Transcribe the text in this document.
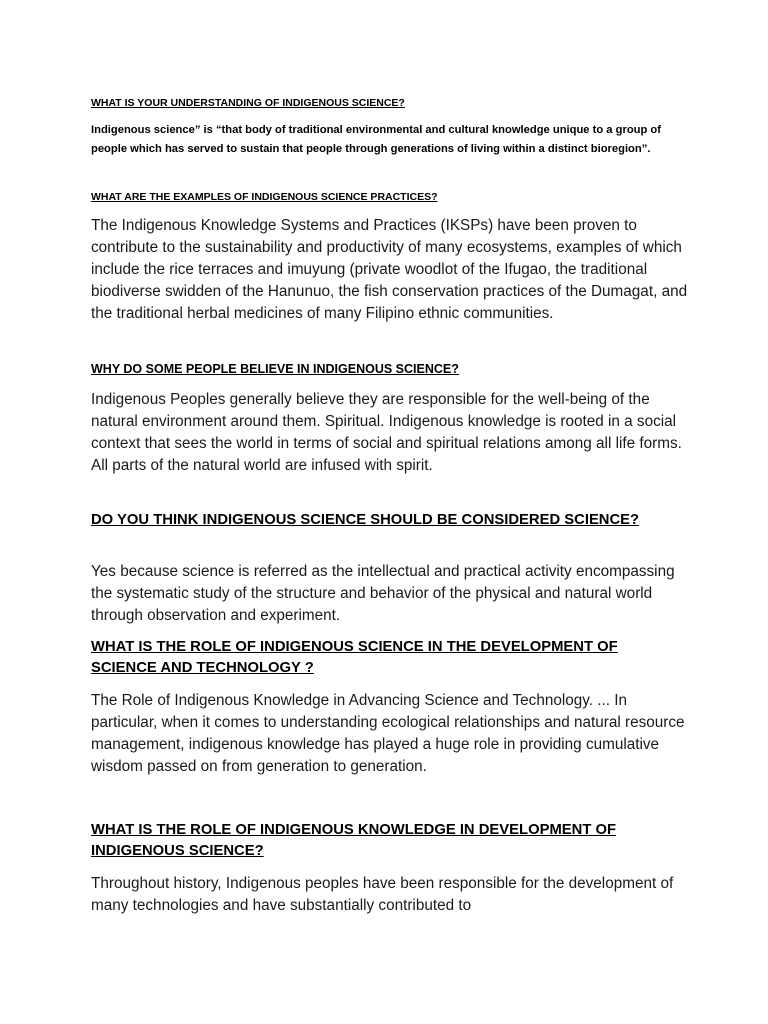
WHAT IS YOUR UNDERSTANDING OF INDIGENOUS SCIENCE?
Indigenous science” is “that body of traditional environmental and cultural knowledge unique to a group of people which has served to sustain that people through generations of living within a distinct bioregion”.
WHAT ARE THE EXAMPLES OF INDIGENOUS SCIENCE PRACTICES?
The Indigenous Knowledge Systems and Practices (IKSPs) have been proven to contribute to the sustainability and productivity of many ecosystems, examples of which include the rice terraces and imuyung (private woodlot of the Ifugao, the traditional biodiverse swidden of the Hanunuo, the fish conservation practices of the Dumagat, and the traditional herbal medicines of many Filipino ethnic communities.
WHY DO SOME PEOPLE BELIEVE IN INDIGENOUS SCIENCE?
Indigenous Peoples generally believe they are responsible for the well-being of the natural environment around them. Spiritual. Indigenous knowledge is rooted in a social context that sees the world in terms of social and spiritual relations among all life forms. All parts of the natural world are infused with spirit.
DO YOU THINK INDIGENOUS SCIENCE SHOULD BE CONSIDERED SCIENCE?
Yes because science is referred as the intellectual and practical activity encompassing the systematic study of the structure and behavior of the physical and natural world through observation and experiment.
WHAT IS THE ROLE OF INDIGENOUS SCIENCE IN THE DEVELOPMENT OF SCIENCE AND TECHNOLOGY ?
The Role of Indigenous Knowledge in Advancing Science and Technology. ... In particular, when it comes to understanding ecological relationships and natural resource management, indigenous knowledge has played a huge role in providing cumulative wisdom passed on from generation to generation.
WHAT IS THE ROLE OF INDIGENOUS KNOWLEDGE IN DEVELOPMENT OF INDIGENOUS SCIENCE?
Throughout history, Indigenous peoples have been responsible for the development of many technologies and have substantially contributed to
